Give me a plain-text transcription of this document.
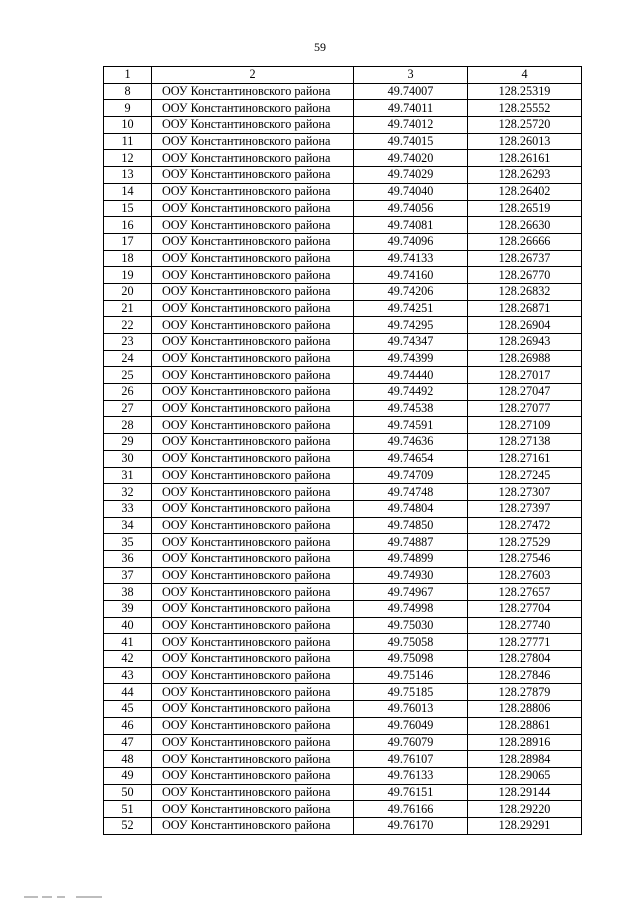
59
1	2	3	4
8	ООУ Константиновского района	49.74007	128.25319
9	ООУ Константиновского района	49.74011	128.25552
10	ООУ Константиновского района	49.74012	128.25720
11	ООУ Константиновского района	49.74015	128.26013
12	ООУ Константиновского района	49.74020	128.26161
13	ООУ Константиновского района	49.74029	128.26293
14	ООУ Константиновского района	49.74040	128.26402
15	ООУ Константиновского района	49.74056	128.26519
16	ООУ Константиновского района	49.74081	128.26630
17	ООУ Константиновского района	49.74096	128.26666
18	ООУ Константиновского района	49.74133	128.26737
19	ООУ Константиновского района	49.74160	128.26770
20	ООУ Константиновского района	49.74206	128.26832
21	ООУ Константиновского района	49.74251	128.26871
22	ООУ Константиновского района	49.74295	128.26904
23	ООУ Константиновского района	49.74347	128.26943
24	ООУ Константиновского района	49.74399	128.26988
25	ООУ Константиновского района	49.74440	128.27017
26	ООУ Константиновского района	49.74492	128.27047
27	ООУ Константиновского района	49.74538	128.27077
28	ООУ Константиновского района	49.74591	128.27109
29	ООУ Константиновского района	49.74636	128.27138
30	ООУ Константиновского района	49.74654	128.27161
31	ООУ Константиновского района	49.74709	128.27245
32	ООУ Константиновского района	49.74748	128.27307
33	ООУ Константиновского района	49.74804	128.27397
34	ООУ Константиновского района	49.74850	128.27472
35	ООУ Константиновского района	49.74887	128.27529
36	ООУ Константиновского района	49.74899	128.27546
37	ООУ Константиновского района	49.74930	128.27603
38	ООУ Константиновского района	49.74967	128.27657
39	ООУ Константиновского района	49.74998	128.27704
40	ООУ Константиновского района	49.75030	128.27740
41	ООУ Константиновского района	49.75058	128.27771
42	ООУ Константиновского района	49.75098	128.27804
43	ООУ Константиновского района	49.75146	128.27846
44	ООУ Константиновского района	49.75185	128.27879
45	ООУ Константиновского района	49.76013	128.28806
46	ООУ Константиновского района	49.76049	128.28861
47	ООУ Константиновского района	49.76079	128.28916
48	ООУ Константиновского района	49.76107	128.28984
49	ООУ Константиновского района	49.76133	128.29065
50	ООУ Константиновского района	49.76151	128.29144
51	ООУ Константиновского района	49.76166	128.29220
52	ООУ Константиновского района	49.76170	128.29291
